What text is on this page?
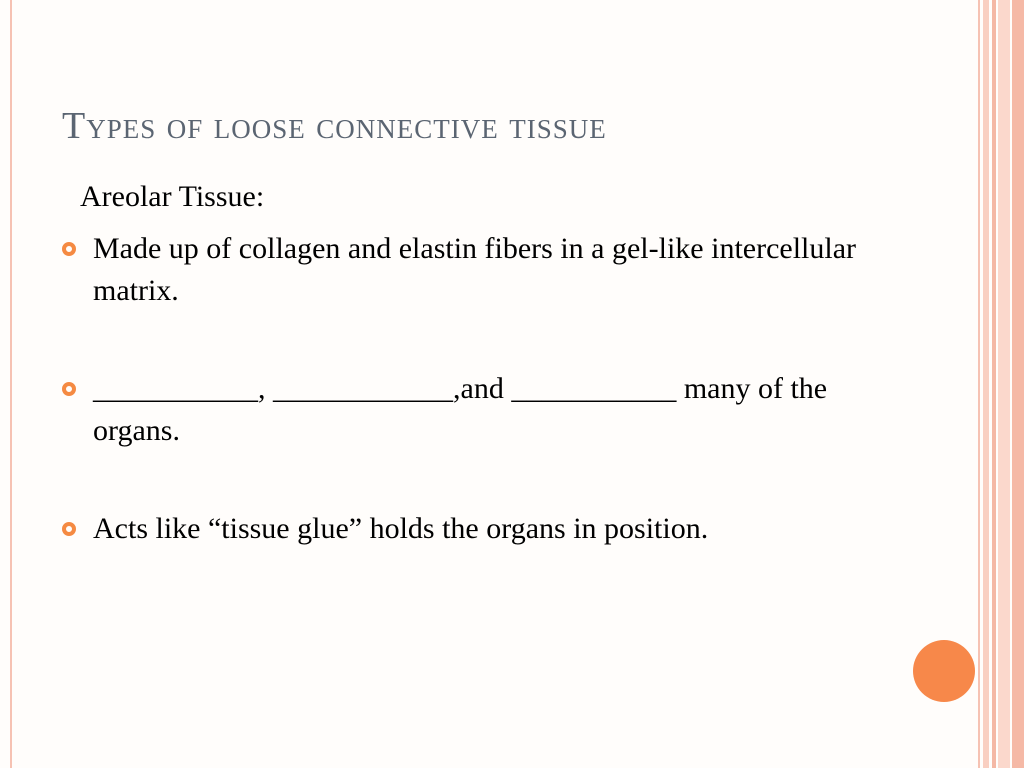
Types of loose connective tissue
Areolar Tissue:
Made up of collagen and elastin fibers in a gel-like intercellular matrix.
___________, ____________,and ___________ many of the organs.
Acts like “tissue glue” holds the organs in position.
